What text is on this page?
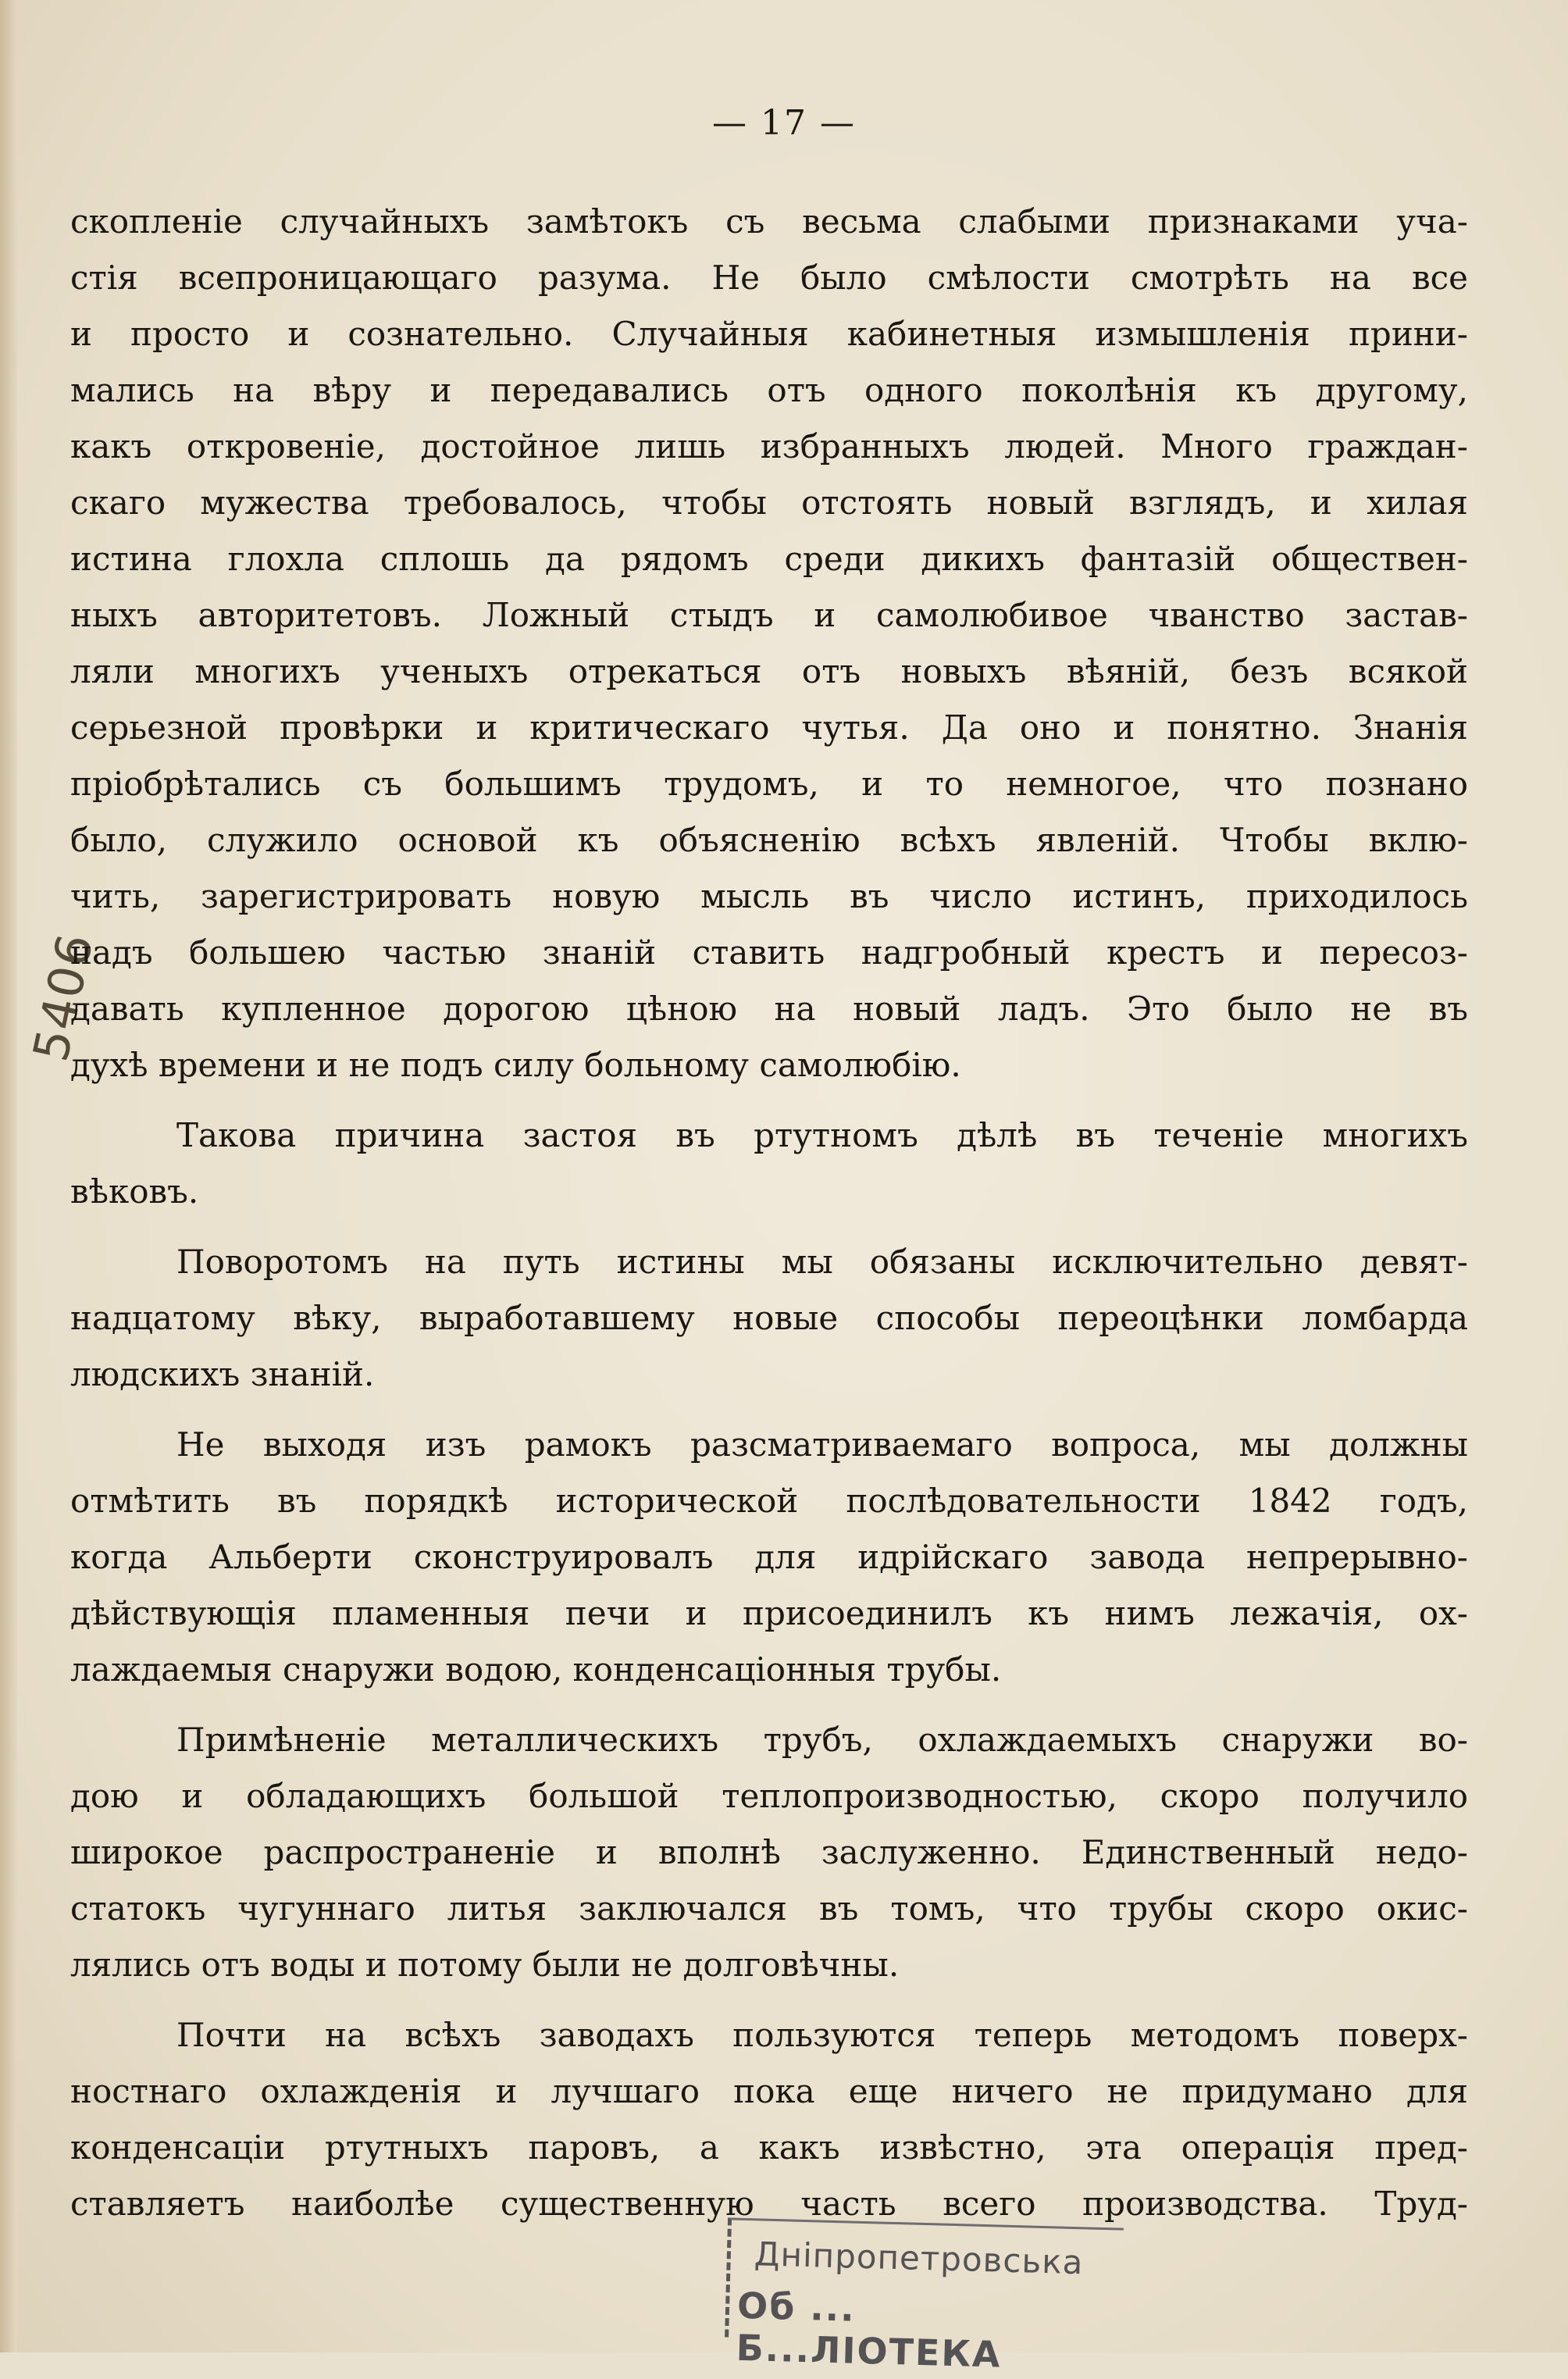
— 17 —
5406
скопленіе случайныхъ замѣтокъ съ весьма слабыми признаками уча-
стія всепроницающаго разума. Не было смѣлости смотрѣть на все
и просто и сознательно. Случайныя кабинетныя измышленія прини-
мались на вѣру и передавались отъ одного поколѣнія къ другому,
какъ откровеніе, достойное лишь избранныхъ людей. Много граждан-
скаго мужества требовалось, чтобы отстоять новый взглядъ, и хилая
истина глохла сплошь да рядомъ среди дикихъ фантазій обществен-
ныхъ авторитетовъ. Ложный стыдъ и самолюбивое чванство застав-
ляли многихъ ученыхъ отрекаться отъ новыхъ вѣяній, безъ всякой
серьезной провѣрки и критическаго чутья. Да оно и понятно. Знанія
пріобрѣтались съ большимъ трудомъ, и то немногое, что познано
было, служило основой къ объясненію всѣхъ явленій. Чтобы вклю-
чить, зарегистрировать новую мысль въ число истинъ, приходилось
надъ большею частью знаній ставить надгробный крестъ и пересоз-
давать купленное дорогою цѣною на новый ладъ. Это было не въ
духѣ времени и не подъ силу больному самолюбію.
Такова причина застоя въ ртутномъ дѣлѣ въ теченіе многихъ
вѣковъ.
Поворотомъ на путь истины мы обязаны исключительно девят-
надцатому вѣку, выработавшему новые способы переоцѣнки ломбарда
людскихъ знаній.
Не выходя изъ рамокъ разсматриваемаго вопроса, мы должны
отмѣтить въ порядкѣ исторической послѣдовательности 1842 годъ,
когда Альберти сконструировалъ для идрійскаго завода непрерывно-
дѣйствующія пламенныя печи и присоединилъ къ нимъ лежачія, ох-
лаждаемыя снаружи водою, конденсаціонныя трубы.
Примѣненіе металлическихъ трубъ, охлаждаемыхъ снаружи во-
дою и обладающихъ большой теплопроизводностью, скоро получило
широкое распространеніе и вполнѣ заслуженно. Единственный недо-
статокъ чугуннаго литья заключался въ томъ, что трубы скоро окис-
лялись отъ воды и потому были не долговѣчны.
Почти на всѣхъ заводахъ пользуются теперь методомъ поверх-
ностнаго охлажденія и лучшаго пока еще ничего не придумано для
конденсаціи ртутныхъ паровъ, а какъ извѣстно, эта операція пред-
ставляетъ наиболѣе существенную часть всего производства. Труд-
Дніпропетровська
Об ... Б...ЛІОТЕКА
